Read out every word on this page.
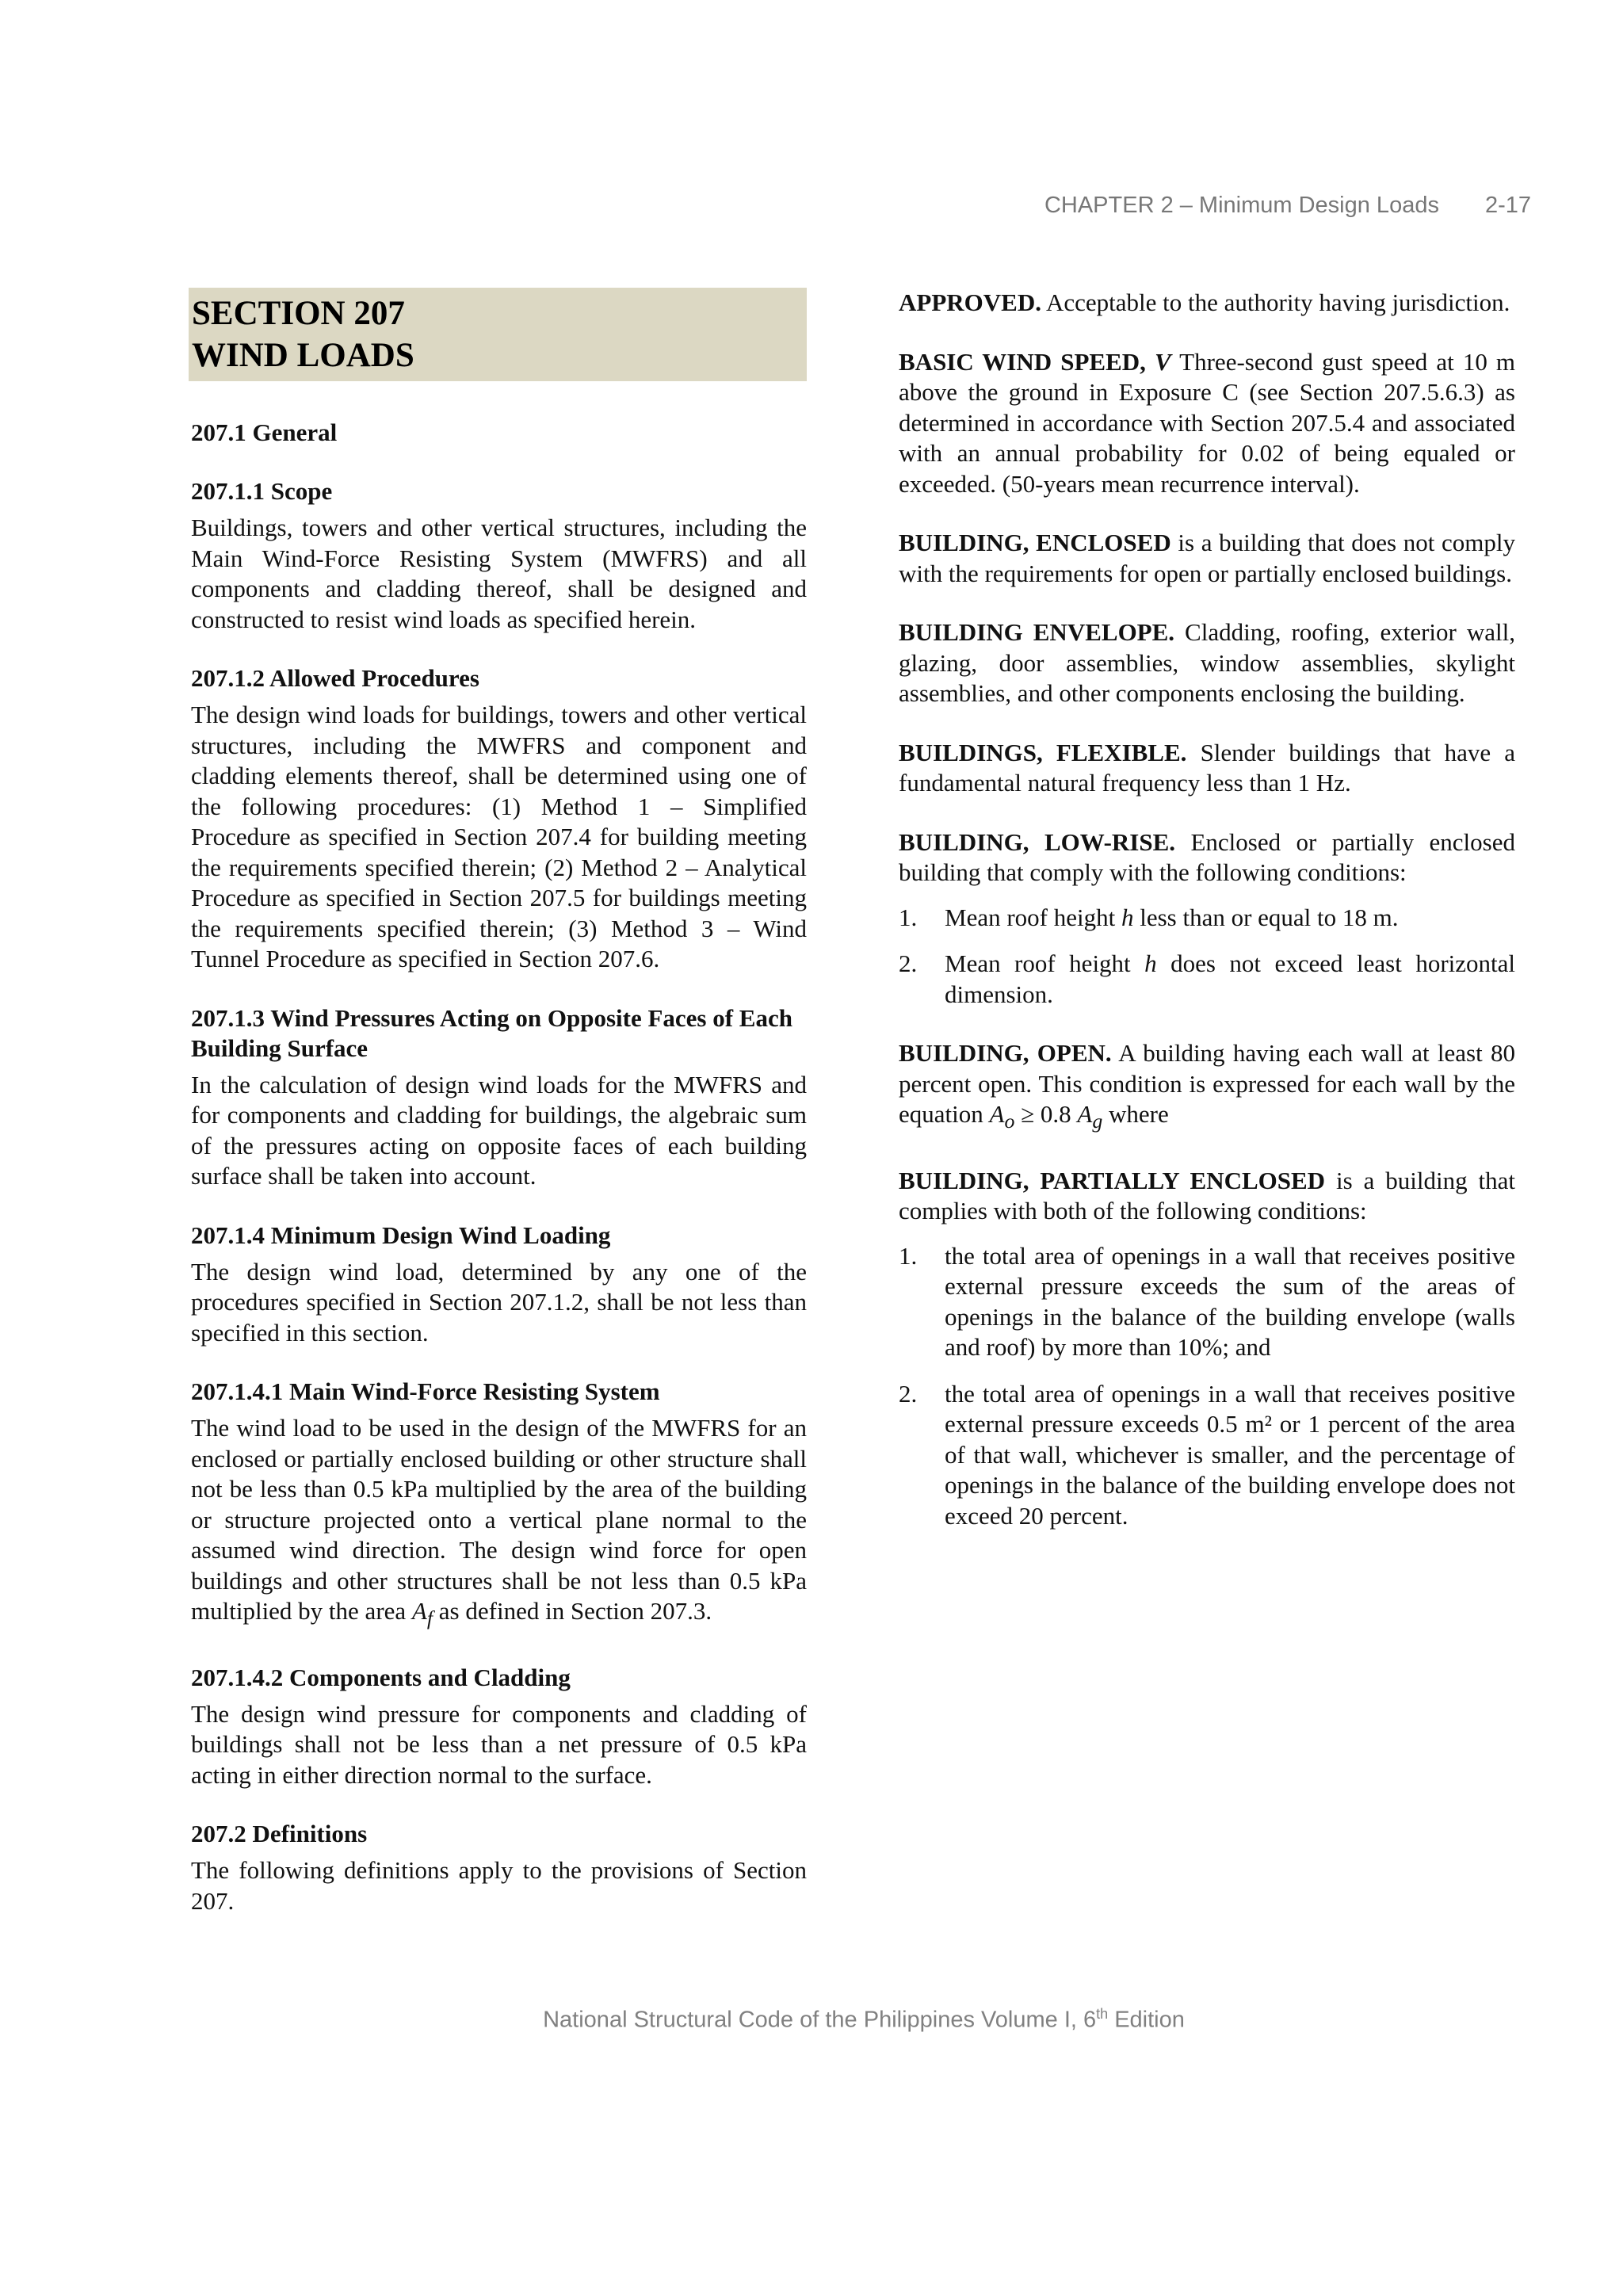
CHAPTER 2 – Minimum Design Loads 2-17
SECTION 207
WIND LOADS
207.1 General
207.1.1 Scope
Buildings, towers and other vertical structures, including the Main Wind-Force Resisting System (MWFRS) and all components and cladding thereof, shall be designed and constructed to resist wind loads as specified herein.
207.1.2 Allowed Procedures
The design wind loads for buildings, towers and other vertical structures, including the MWFRS and component and cladding elements thereof, shall be determined using one of the following procedures: (1) Method 1 – Simplified Procedure as specified in Section 207.4 for building meeting the requirements specified therein; (2) Method 2 – Analytical Procedure as specified in Section 207.5 for buildings meeting the requirements specified therein; (3) Method 3 – Wind Tunnel Procedure as specified in Section 207.6.
207.1.3 Wind Pressures Acting on Opposite Faces of Each Building Surface
In the calculation of design wind loads for the MWFRS and for components and cladding for buildings, the algebraic sum of the pressures acting on opposite faces of each building surface shall be taken into account.
207.1.4 Minimum Design Wind Loading
The design wind load, determined by any one of the procedures specified in Section 207.1.2, shall be not less than specified in this section.
207.1.4.1 Main Wind-Force Resisting System
The wind load to be used in the design of the MWFRS for an enclosed or partially enclosed building or other structure shall not be less than 0.5 kPa multiplied by the area of the building or structure projected onto a vertical plane normal to the assumed wind direction. The design wind force for open buildings and other structures shall be not less than 0.5 kPa multiplied by the area $A_f$ as defined in Section 207.3.
207.1.4.2 Components and Cladding
The design wind pressure for components and cladding of buildings shall not be less than a net pressure of 0.5 kPa acting in either direction normal to the surface.
207.2 Definitions
The following definitions apply to the provisions of Section 207.
APPROVED. Acceptable to the authority having jurisdiction.
BASIC WIND SPEED, V Three-second gust speed at 10 m above the ground in Exposure C (see Section 207.5.6.3) as determined in accordance with Section 207.5.4 and associated with an annual probability for 0.02 of being equaled or exceeded. (50-years mean recurrence interval).
BUILDING, ENCLOSED is a building that does not comply with the requirements for open or partially enclosed buildings.
BUILDING ENVELOPE. Cladding, roofing, exterior wall, glazing, door assemblies, window assemblies, skylight assemblies, and other components enclosing the building.
BUILDINGS, FLEXIBLE. Slender buildings that have a fundamental natural frequency less than 1 Hz.
BUILDING, LOW-RISE. Enclosed or partially enclosed building that comply with the following conditions:
1. Mean roof height h less than or equal to 18 m.
2. Mean roof height h does not exceed least horizontal dimension.
BUILDING, OPEN. A building having each wall at least 80 percent open. This condition is expressed for each wall by the equation $A_o \ge 0.8$ $A_g$ where
BUILDING, PARTIALLY ENCLOSED is a building that complies with both of the following conditions:
1. the total area of openings in a wall that receives positive external pressure exceeds the sum of the areas of openings in the balance of the building envelope (walls and roof) by more than 10%; and
2. the total area of openings in a wall that receives positive external pressure exceeds 0.5 m² or 1 percent of the area of that wall, whichever is smaller, and the percentage of openings in the balance of the building envelope does not exceed 20 percent.
National Structural Code of the Philippines Volume I, 6th Edition
